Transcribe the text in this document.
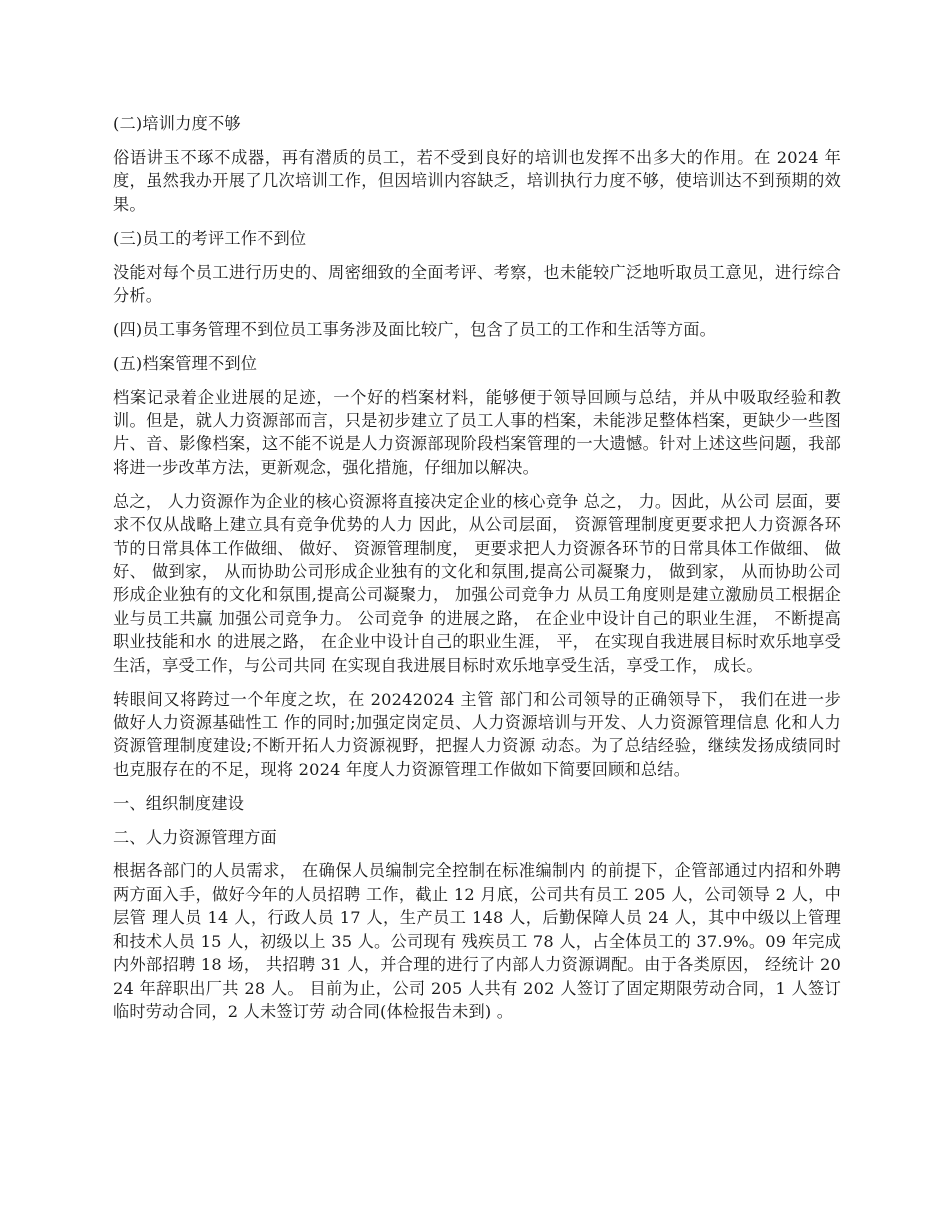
(二)培训力度不够

俗语讲玉不琢不成器，再有潜质的员工，若不受到良好的培训也发挥不出多大的作用。在 2024 年度，虽然我办开展了几次培训工作，但因培训内容缺乏，培训执行力度不够，使培训达不到预期的效果。

(三)员工的考评工作不到位

没能对每个员工进行历史的、周密细致的全面考评、考察，也未能较广泛地听取员工意见，进行综合分析。

(四)员工事务管理不到位员工事务涉及面比较广，包含了员工的工作和生活等方面。

(五)档案管理不到位

档案记录着企业进展的足迹，一个好的档案材料，能够便于领导回顾与总结，并从中吸取经验和教训。但是，就人力资源部而言，只是初步建立了员工人事的档案，未能涉足整体档案，更缺少一些图片、音、影像档案，这不能不说是人力资源部现阶段档案管理的一大遗憾。针对上述这些问题，我部将进一步改革方法，更新观念，强化措施，仔细加以解决。

总之， 人力资源作为企业的核心资源将直接决定企业的核心竞争 总之， 力。因此，从公司 层面，要求不仅从战略上建立具有竞争优势的人力 因此，从公司层面， 资源管理制度更要求把人力资源各环节的日常具体工作做细、 做好、 资源管理制度， 更要求把人力资源各环节的日常具体工作做细、 做好、 做到家， 从而协助公司形成企业独有的文化和氛围,提高公司凝聚力， 做到家， 从而协助公司形成企业独有的文化和氛围,提高公司凝聚力， 加强公司竞争力 从员工角度则是建立激励员工根据企业与员工共赢 加强公司竞争力。 公司竞争 的进展之路， 在企业中设计自己的职业生涯， 不断提高职业技能和水 的进展之路， 在企业中设计自己的职业生涯， 平， 在实现自我进展目标时欢乐地享受生活，享受工作，与公司共同 在实现自我进展目标时欢乐地享受生活，享受工作， 成长。

转眼间又将跨过一个年度之坎，在 20242024 主管 部门和公司领导的正确领导下， 我们在进一步做好人力资源基础性工 作的同时;加强定岗定员、人力资源培训与开发、人力资源管理信息 化和人力资源管理制度建设;不断开拓人力资源视野，把握人力资源 动态。为了总结经验，继续发扬成绩同时也克服存在的不足，现将 2024 年度人力资源管理工作做如下简要回顾和总结。

一、组织制度建设

二、人力资源管理方面

根据各部门的人员需求， 在确保人员编制完全控制在标准编制内 的前提下，企管部通过内招和外聘两方面入手，做好今年的人员招聘 工作，截止 12 月底，公司共有员工 205 人，公司领导 2 人，中层管 理人员 14 人，行政人员 17 人，生产员工 148 人，后勤保障人员 24 人，其中中级以上管理和技术人员 15 人，初级以上 35 人。公司现有 残疾员工 78 人，占全体员工的 37.9%。09 年完成内外部招聘 18 场， 共招聘 31 人，并合理的进行了内部人力资源调配。由于各类原因， 经统计 2024 年辞职出厂共 28 人。 目前为止，公司 205 人共有 202 人签订了固定期限劳动合同，1 人签订临时劳动合同，2 人未签订劳 动合同(体检报告未到) 。
